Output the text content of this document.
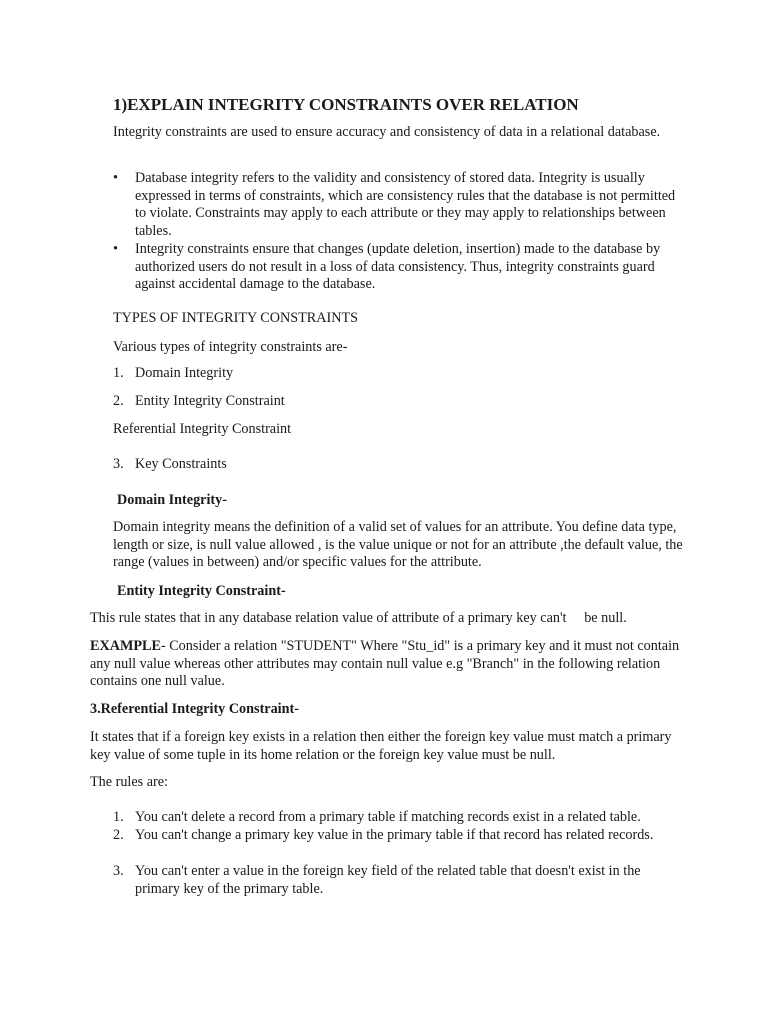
1)EXPLAIN INTEGRITY CONSTRAINTS OVER RELATION

Integrity constraints are used to ensure accuracy and consistency of data in a relational database.

•	Database integrity refers to the validity and consistency of stored data. Integrity is usually expressed in terms of constraints, which are consistency rules that the database is not permitted to violate. Constraints may apply to each attribute or they may apply to relationships between tables.
•	Integrity constraints ensure that changes (update deletion, insertion) made to the database by authorized users do not result in a loss of data consistency. Thus, integrity constraints guard against accidental damage to the database.

TYPES OF INTEGRITY CONSTRAINTS

Various types of integrity constraints are-

1. Domain Integrity
2. Entity Integrity Constraint

Referential Integrity Constraint

3. Key Constraints

Domain Integrity-

Domain integrity means the definition of a valid set of values for an attribute. You define data type, length or size, is null value allowed , is the value unique or not for an attribute ,the default value, the range (values in between) and/or specific values for the attribute.

Entity Integrity Constraint-

This rule states that in any database relation value of attribute of a primary key can't     be null.

EXAMPLE- Consider a relation "STUDENT" Where "Stu_id" is a primary key and it must not contain any null value whereas other attributes may contain null value e.g "Branch" in the following relation contains one null value.

3.Referential Integrity Constraint-

It states that if a foreign key exists in a relation then either the foreign key value must match a primary key value of some tuple in its home relation or the foreign key value must be null.

The rules are:

1. You can't delete a record from a primary table if matching records exist in a related table.
2. You can't change a primary key value in the primary table if that record has related records.
3. You can't enter a value in the foreign key field of the related table that doesn't exist in the primary key of the primary table.
